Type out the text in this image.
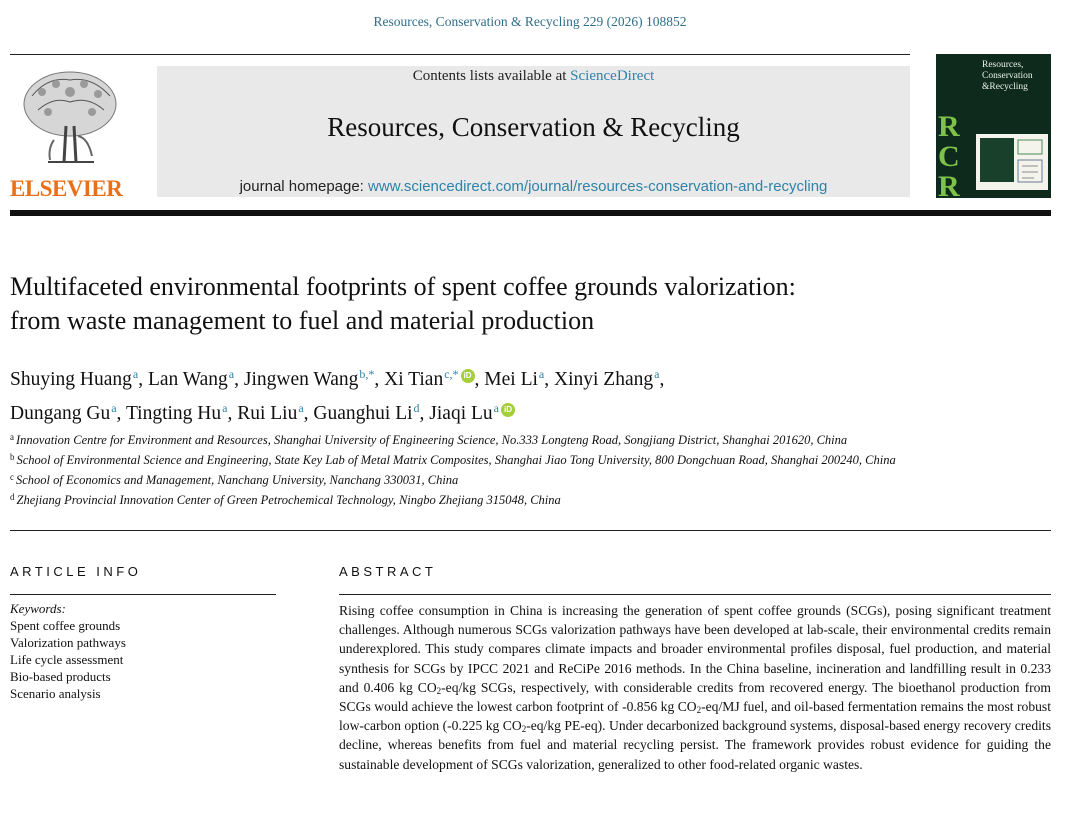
Resources, Conservation & Recycling 229 (2026) 108852
ELSEVIER
Contents lists available at ScienceDirect
Resources, Conservation & Recycling
journal homepage: www.sciencedirect.com/journal/resources-conservation-and-recycling
Resources,
Conservation
&Recycling
R
C
R
Multifaceted environmental footprints of spent coffee grounds valorization:
from waste management to fuel and material production
Shuying Huang$^a$, Lan Wang$^a$, Jingwen Wang$^{b,*}$, Xi Tian$^{c,*}$ iD , Mei Li$^a$, Xinyi Zhang$^a$,
Dungang Gu$^a$, Tingting Hu$^a$, Rui Liu$^a$, Guanghui Li$^d$, Jiaqi Lu$^a$ iD
$^a$ Innovation Centre for Environment and Resources, Shanghai University of Engineering Science, No.333 Longteng Road, Songjiang District, Shanghai 201620, China
$^b$ School of Environmental Science and Engineering, State Key Lab of Metal Matrix Composites, Shanghai Jiao Tong University, 800 Dongchuan Road, Shanghai 200240, China
$^c$ School of Economics and Management, Nanchang University, Nanchang 330031, China
$^d$ Zhejiang Provincial Innovation Center of Green Petrochemical Technology, Ningbo Zhejiang 315048, China
ARTICLE INFO
Keywords:
Spent coffee grounds
Valorization pathways
Life cycle assessment
Bio-based products
Scenario analysis
ABSTRACT
Rising coffee consumption in China is increasing the generation of spent coffee grounds (SCGs), posing significant treatment challenges. Although numerous SCGs valorization pathways have been developed at lab-scale, their environmental credits remain underexplored. This study compares climate impacts and broader environmental profiles disposal, fuel production, and material synthesis for SCGs by IPCC 2021 and ReCiPe 2016 methods. In the China baseline, incineration and landfilling result in 0.233 and 0.406 kg $CO_2-eq/kg$ SCGs, respectively, with considerable credits from recovered energy. The bioethanol production from SCGs would achieve the lowest carbon footprint of -0.856 kg $CO_2-eq/MJ$ fuel, and oil-based fermentation remains the most robust low-carbon option (-0.225 kg $CO_2-eq/kg$ PE-eq). Under decarbonized background systems, disposal-based energy recovery credits decline, whereas benefits from fuel and material recycling persist. The framework provides robust evidence for guiding the sustainable development of SCGs valorization, generalized to other food-related organic wastes.
